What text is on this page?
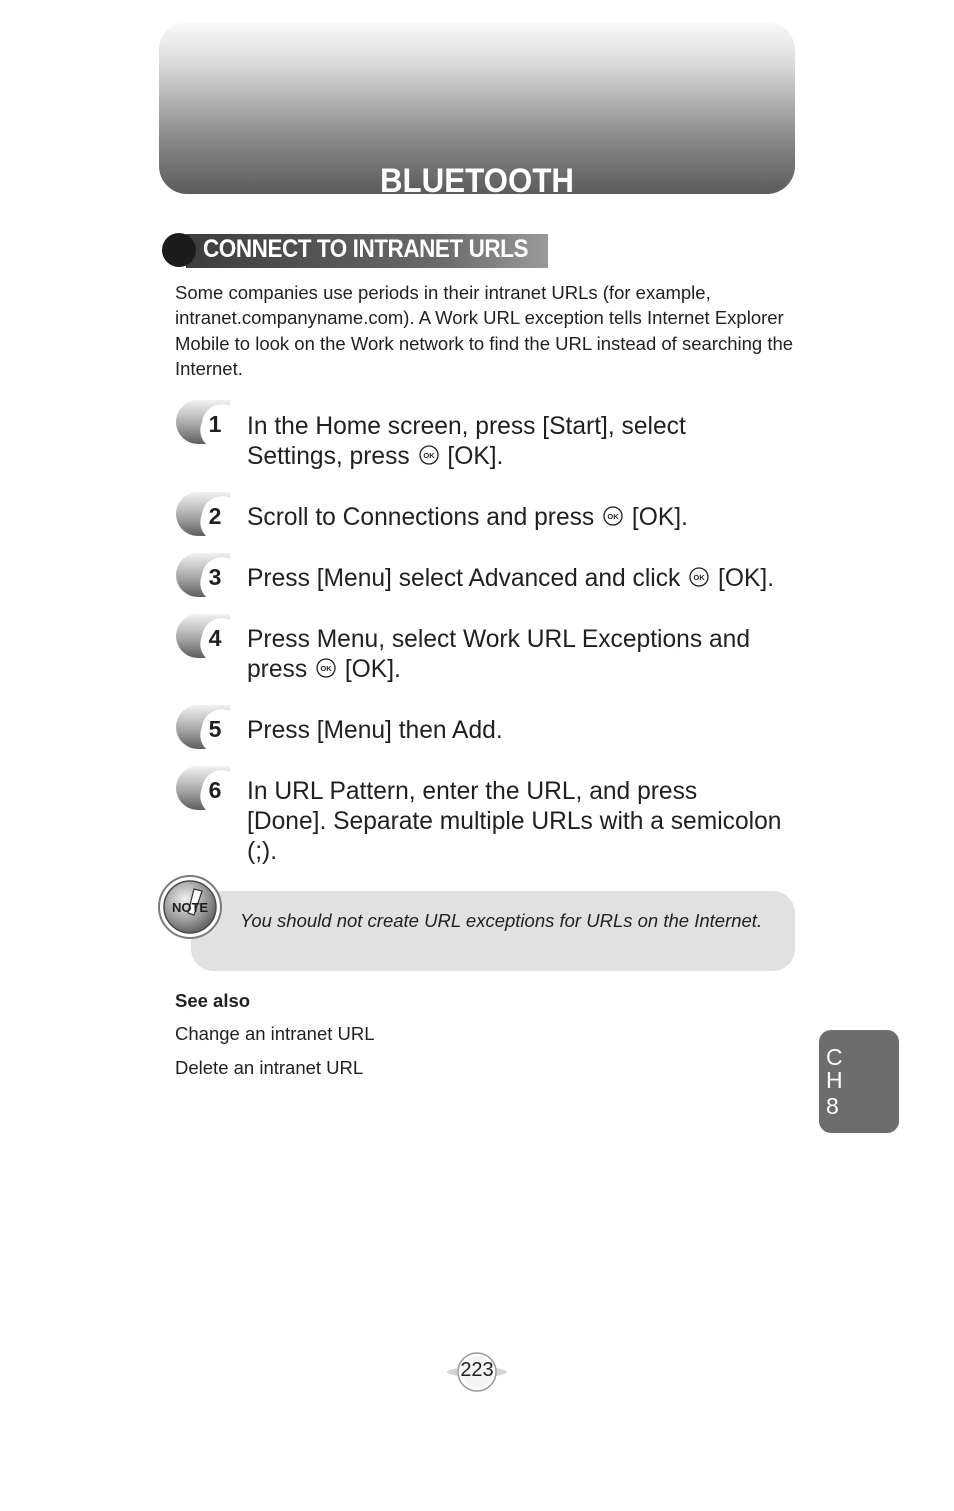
BLUETOOTH
CONNECT TO INTRANET URLS
Some companies use periods in their intranet URLs (for example, intranet.companyname.com). A Work URL exception tells Internet Explorer Mobile to look on the Work network to find the URL instead of searching the Internet.
1 In the Home screen, press [Start], select
Settings, press OK [OK].
2 Scroll to Connections and press OK [OK].
3 Press [Menu] select Advanced and click OK [OK].
4 Press Menu, select Work URL Exceptions and
press OK [OK].
5 Press [Menu] then Add.
6 In URL Pattern, enter the URL, and press
[Done]. Separate multiple URLs with a semicolon
(;).
NOTE
You should not create URL exceptions for URLs on the Internet.
See also
Change an intranet URL
Delete an intranet URL	C
H
8
223
